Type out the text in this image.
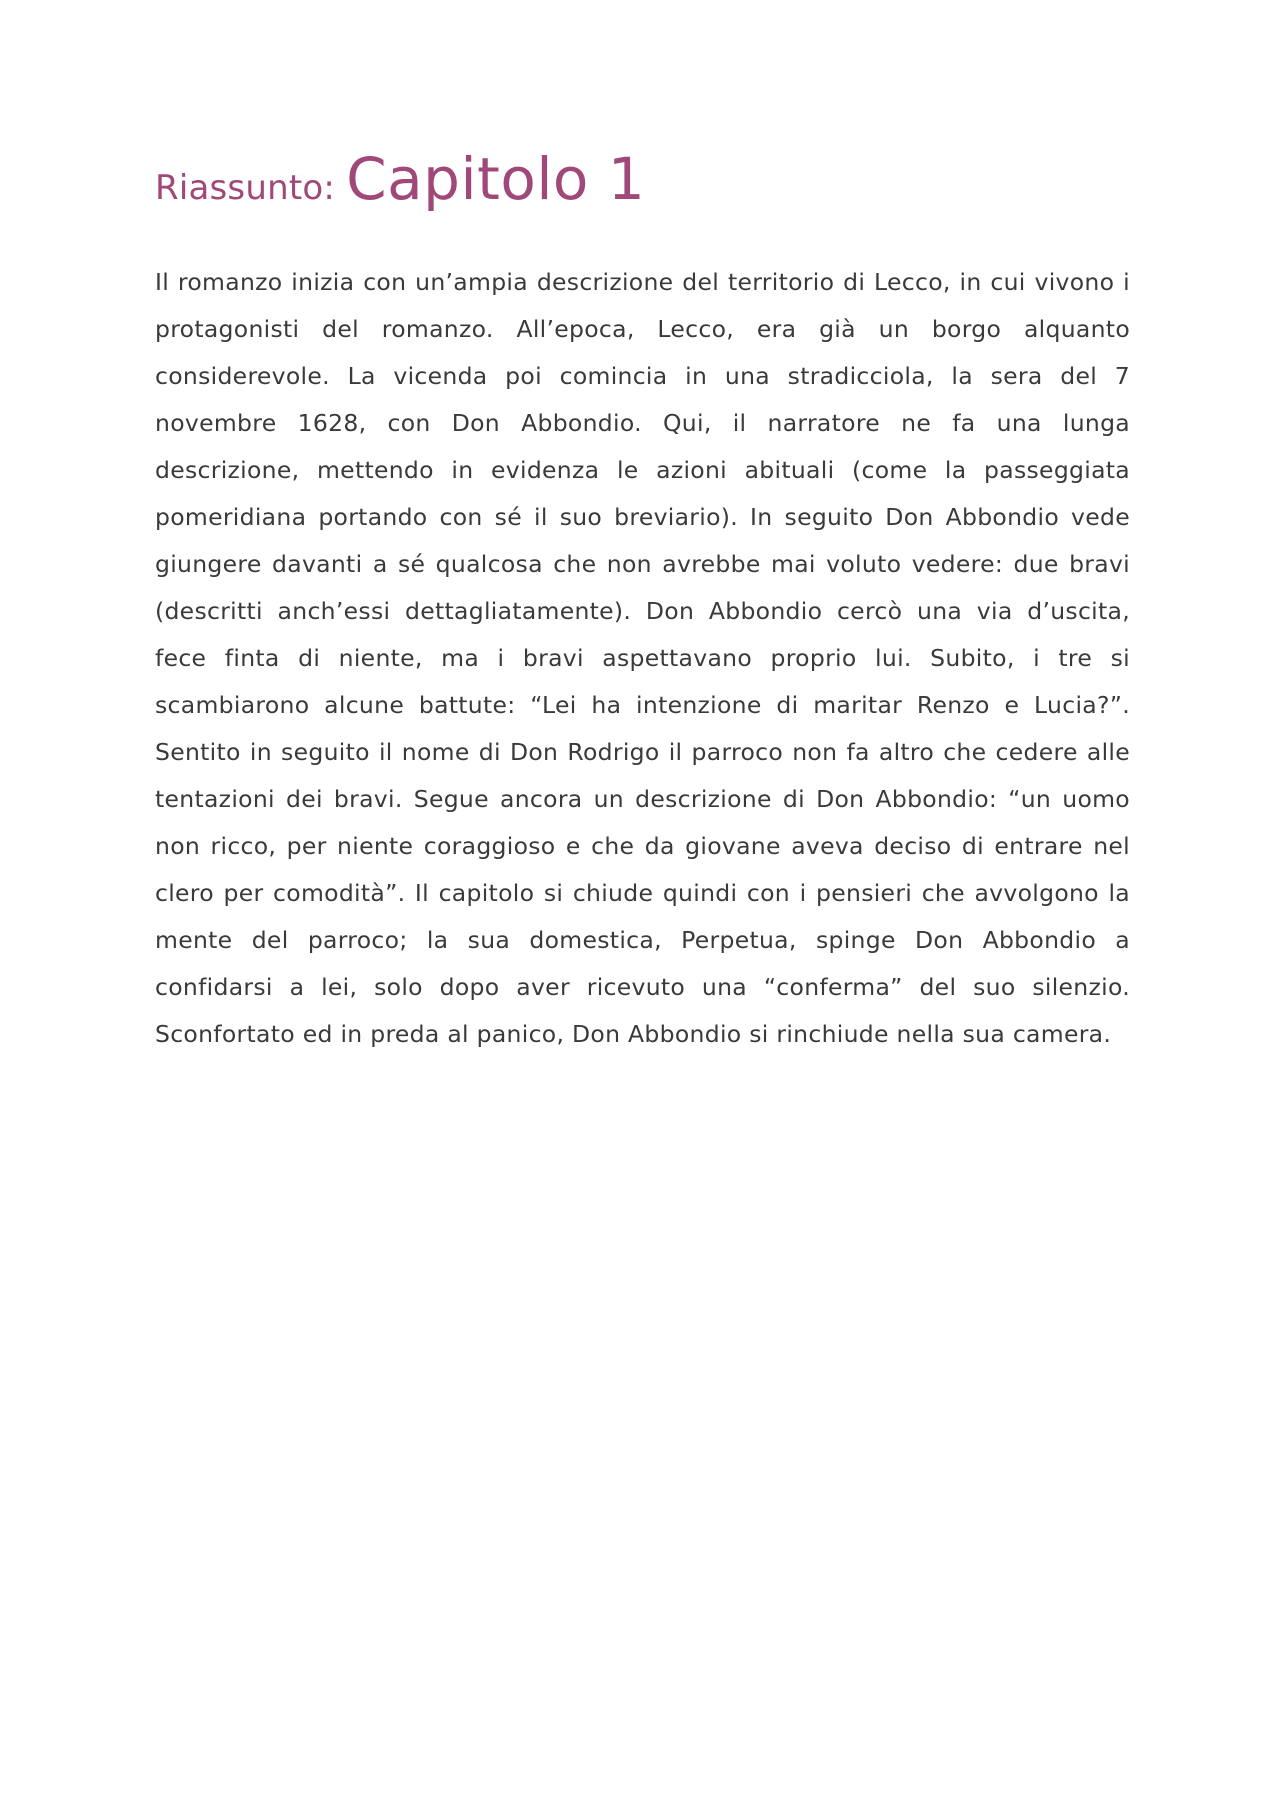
Riassunto: Capitolo 1

Il romanzo inizia con un’ampia descrizione del territorio di Lecco, in cui vivono i protagonisti del romanzo. All’epoca, Lecco, era già un borgo alquanto considerevole. La vicenda poi comincia in una stradicciola, la sera del 7 novembre 1628, con Don Abbondio. Qui, il narratore ne fa una lunga descrizione, mettendo in evidenza le azioni abituali (come la passeggiata pomeridiana portando con sé il suo breviario). In seguito Don Abbondio vede giungere davanti a sé qualcosa che non avrebbe mai voluto vedere: due bravi (descritti anch’essi dettagliatamente). Don Abbondio cercò una via d’uscita, fece finta di niente, ma i bravi aspettavano proprio lui. Subito, i tre si scambiarono alcune battute: “Lei ha intenzione di maritar Renzo e Lucia?”. Sentito in seguito il nome di Don Rodrigo il parroco non fa altro che cedere alle tentazioni dei bravi. Segue ancora un descrizione di Don Abbondio: “un uomo non ricco, per niente coraggioso e che da giovane aveva deciso di entrare nel clero per comodità”. Il capitolo si chiude quindi con i pensieri che avvolgono la mente del parroco; la sua domestica, Perpetua, spinge Don Abbondio a confidarsi a lei, solo dopo aver ricevuto una “conferma” del suo silenzio. Sconfortato ed in preda al panico, Don Abbondio si rinchiude nella sua camera.
